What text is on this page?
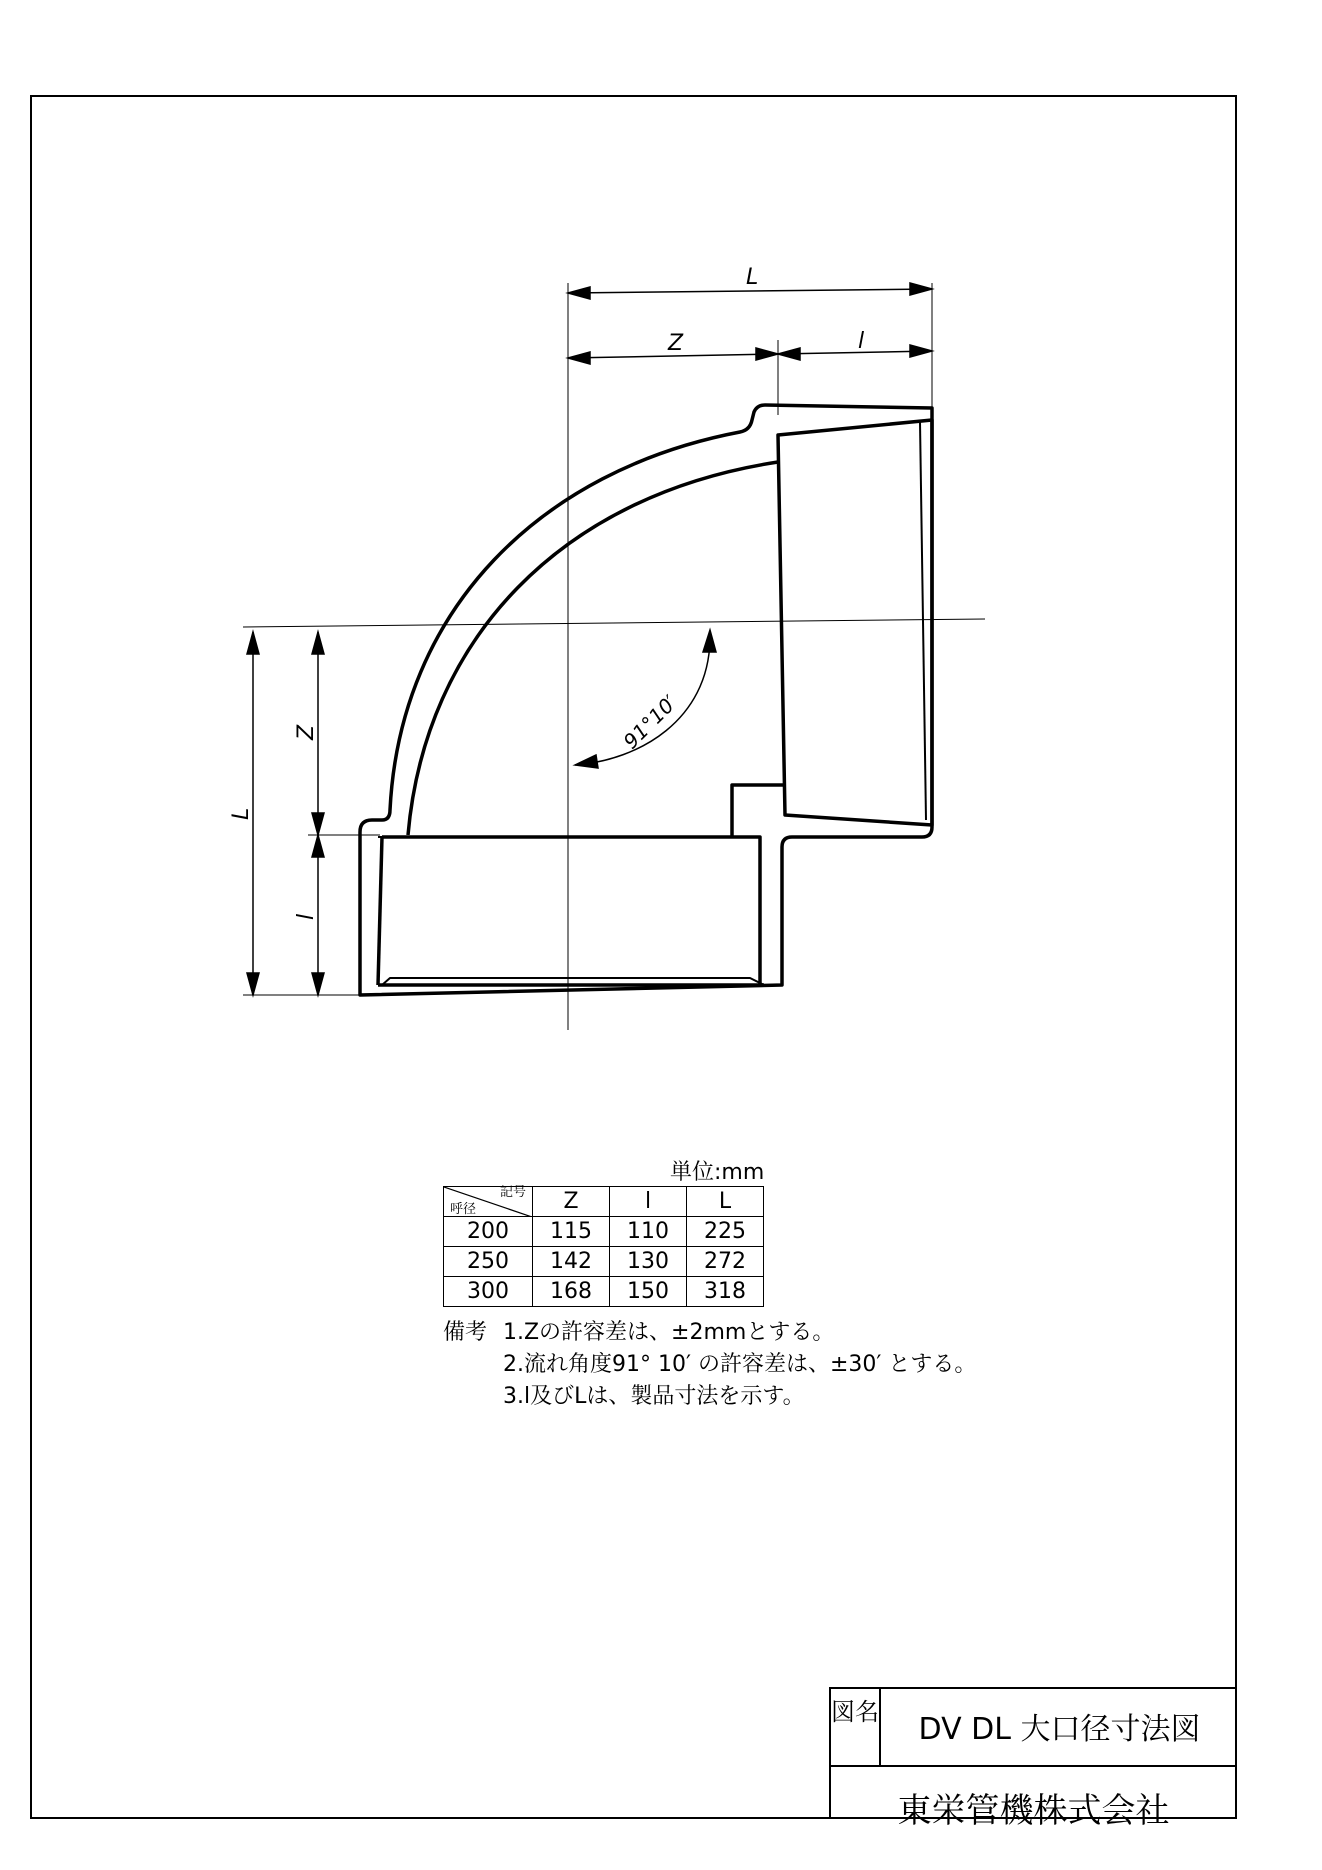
L
Z	l
L
Z
l
91°10′
単位:mm
記号
呼径	Z	l	L
200	115	110	225
250	142	130	272
300	168	150	318
備考 1.Zの許容差は、±2mmとする。
2.流れ角度91° 10′ の許容差は、±30′ とする。
3.l及びLは、製品寸法を示す。
図名	DV DL 大口径寸法図
東栄管機株式会社
